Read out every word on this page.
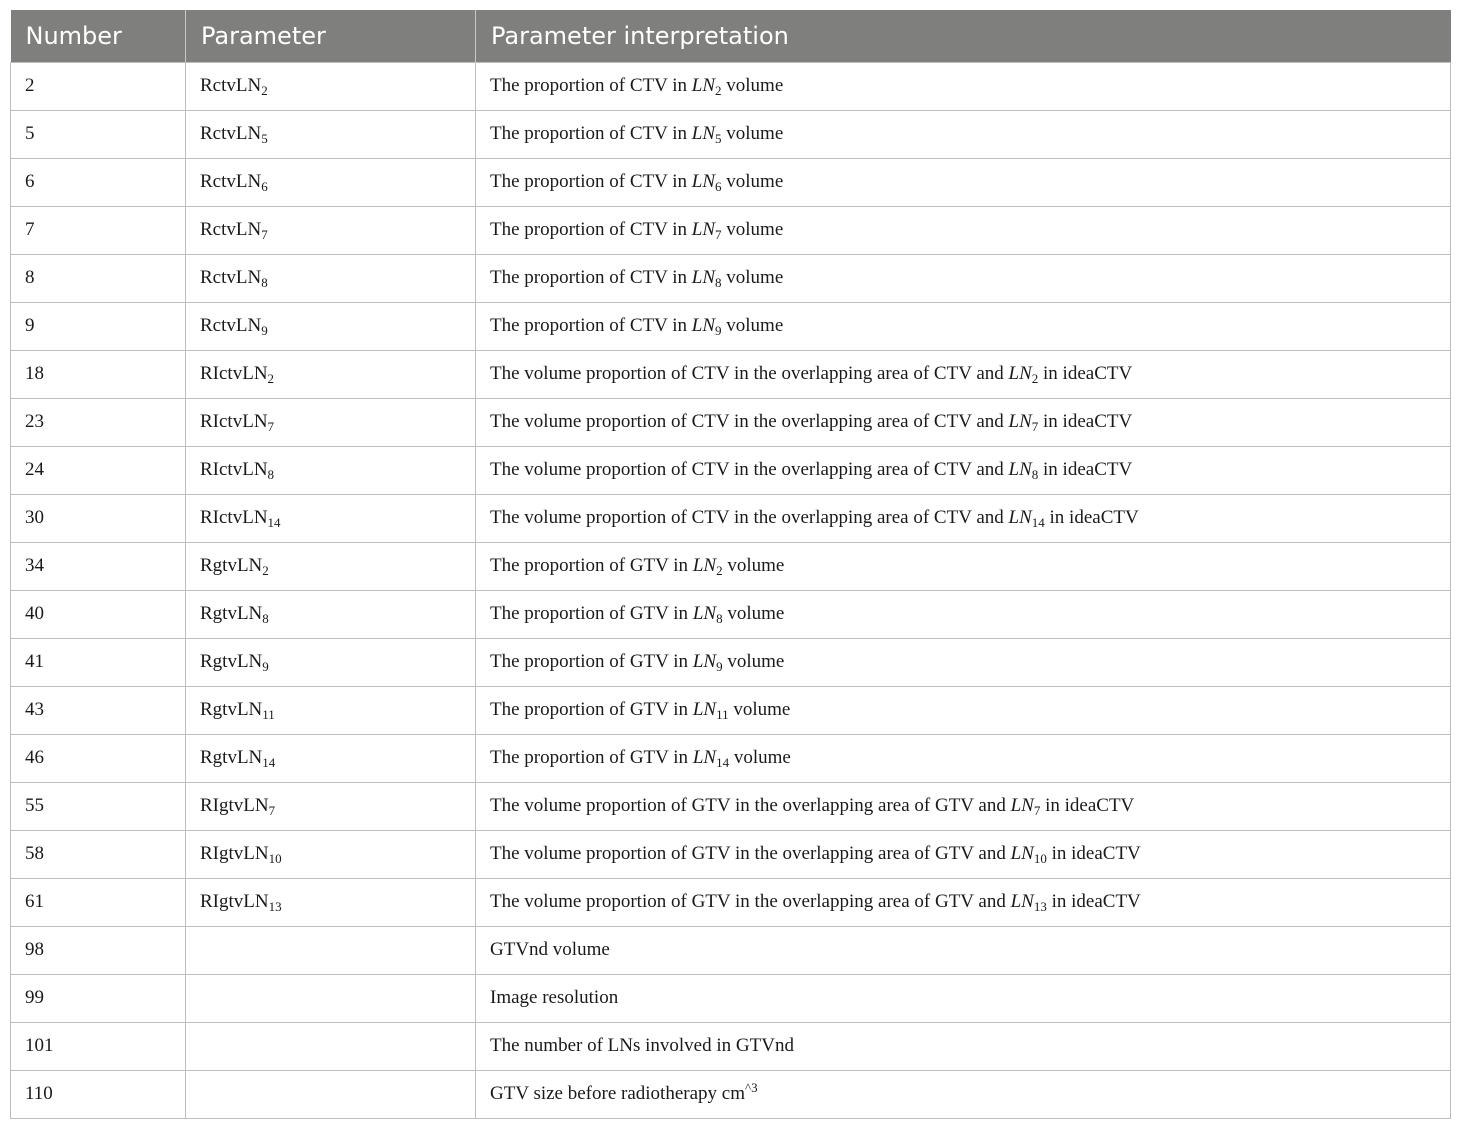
Number	Parameter	Parameter interpretation
2	RctvLN$_2$	The proportion of CTV in $LN_2$ volume
5	RctvLN$_5$	The proportion of CTV in $LN_5$ volume
6	RctvLN$_6$	The proportion of CTV in $LN_6$ volume
7	RctvLN$_7$	The proportion of CTV in $LN_7$ volume
8	RctvLN$_8$	The proportion of CTV in $LN_8$ volume
9	RctvLN$_9$	The proportion of CTV in $LN_9$ volume
18	RIctvLN$_2$	The volume proportion of CTV in the overlapping area of CTV and $LN_2$ in ideaCTV
23	RIctvLN$_7$	The volume proportion of CTV in the overlapping area of CTV and $LN_7$ in ideaCTV
24	RIctvLN$_8$	The volume proportion of CTV in the overlapping area of CTV and $LN_8$ in ideaCTV
30	RIctvLN$_{14}$	The volume proportion of CTV in the overlapping area of CTV and $LN_{14}$ in ideaCTV
34	RgtvLN$_2$	The proportion of GTV in $LN_2$ volume
40	RgtvLN$_8$	The proportion of GTV in $LN_8$ volume
41	RgtvLN$_9$	The proportion of GTV in $LN_9$ volume
43	RgtvLN$_{11}$	The proportion of GTV in $LN_{11}$ volume
46	RgtvLN$_{14}$	The proportion of GTV in $LN_{14}$ volume
55	RIgtvLN$_7$	The volume proportion of GTV in the overlapping area of GTV and $LN_7$ in ideaCTV
58	RIgtvLN$_{10}$	The volume proportion of GTV in the overlapping area of GTV and $LN_{10}$ in ideaCTV
61	RIgtvLN$_{13}$	The volume proportion of GTV in the overlapping area of GTV and $LN_{13}$ in ideaCTV
98		GTVnd volume
99		Image resolution
101		The number of LNs involved in GTVnd
110		GTV size before radiotherapy $cm^{\^{}3}$
